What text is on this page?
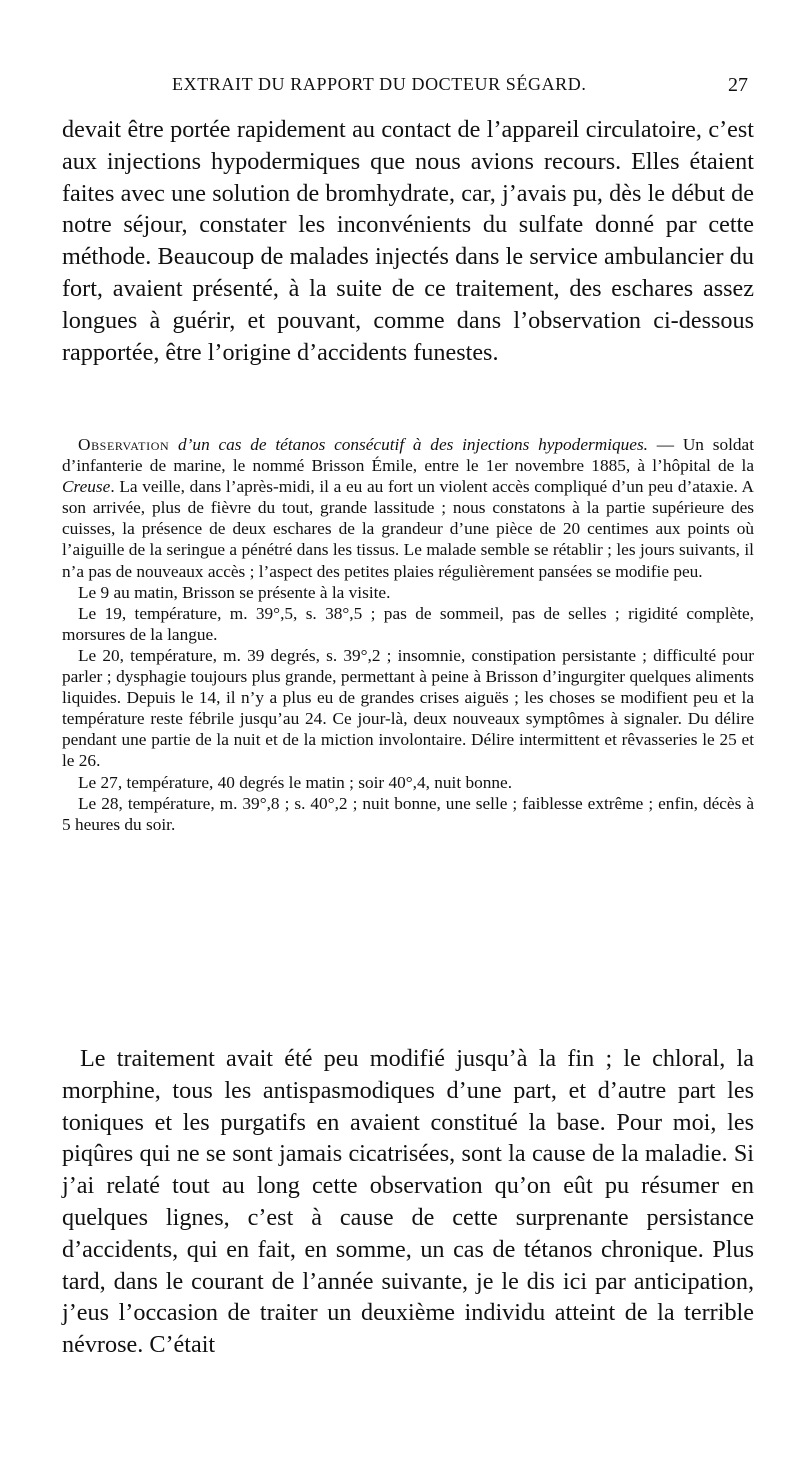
EXTRAIT DU RAPPORT DU DOCTEUR SÉGARD.	27

devait être portée rapidement au contact de l’appareil circulatoire, c’est aux injections hypodermiques que nous avions recours. Elles étaient faites avec une solution de bromhydrate, car, j’avais pu, dès le début de notre séjour, constater les inconvénients du sulfate donné par cette méthode. Beaucoup de malades injectés dans le service ambulancier du fort, avaient présenté, à la suite de ce traitement, des eschares assez longues à guérir, et pouvant, comme dans l’observation ci-dessous rapportée, être l’origine d’accidents funestes.

Observation d’un cas de tétanos consécutif à des injections hypodermiques. — Un soldat d’infanterie de marine, le nommé Brisson Émile, entre le 1er novembre 1885, à l’hôpital de la Creuse. La veille, dans l’après-midi, il a eu au fort un violent accès compliqué d’un peu d’ataxie. A son arrivée, plus de fièvre du tout, grande lassitude ; nous constatons à la partie supérieure des cuisses, la présence de deux eschares de la grandeur d’une pièce de 20 centimes aux points où l’aiguille de la seringue a pénétré dans les tissus. Le malade semble se rétablir ; les jours suivants, il n’a pas de nouveaux accès ; l’aspect des petites plaies régulièrement pansées se modifie peu.

Le 9 au matin, Brisson se présente à la visite.

Le 19, température, m. 39°,5, s. 38°,5 ; pas de sommeil, pas de selles ; rigidité complète, morsures de la langue.

Le 20, température, m. 39 degrés, s. 39°,2 ; insomnie, constipation persistante ; difficulté pour parler ; dysphagie toujours plus grande, permettant à peine à Brisson d’ingurgiter quelques aliments liquides. Depuis le 14, il n’y a plus eu de grandes crises aiguës ; les choses se modifient peu et la température reste fébrile jusqu’au 24. Ce jour-là, deux nouveaux symptômes à signaler. Du délire pendant une partie de la nuit et de la miction involontaire. Délire intermittent et rêvasseries le 25 et le 26.

Le 27, température, 40 degrés le matin ; soir 40°,4, nuit bonne.

Le 28, température, m. 39°,8 ; s. 40°,2 ; nuit bonne, une selle ; faiblesse extrême ; enfin, décès à 5 heures du soir.

Le traitement avait été peu modifié jusqu’à la fin ; le chloral, la morphine, tous les antispasmodiques d’une part, et d’autre part les toniques et les purgatifs en avaient constitué la base. Pour moi, les piqûres qui ne se sont jamais cicatrisées, sont la cause de la maladie. Si j’ai relaté tout au long cette observation qu’on eût pu résumer en quelques lignes, c’est à cause de cette surprenante persistance d’accidents, qui en fait, en somme, un cas de tétanos chronique. Plus tard, dans le courant de l’année suivante, je le dis ici par anticipation, j’eus l’occasion de traiter un deuxième individu atteint de la terrible névrose. C’était
